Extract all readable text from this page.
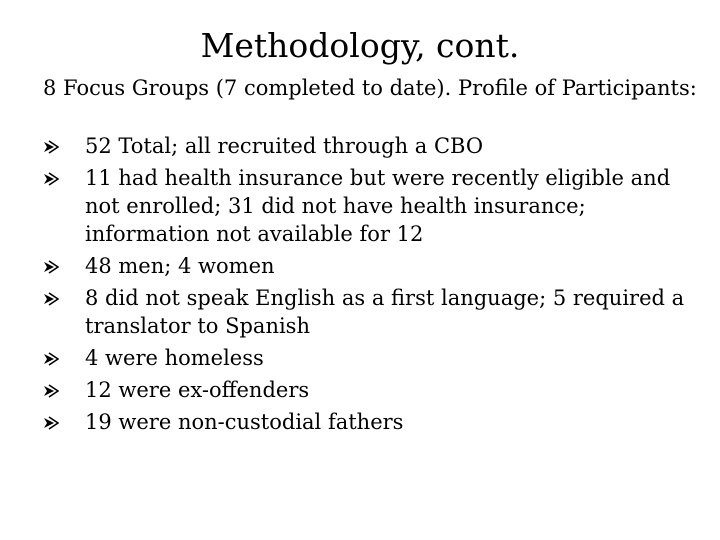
Methodology, cont.

8 Focus Groups (7 completed to date). Profile of Participants:

52 Total; all recruited through a CBO
11 had health insurance but were recently eligible and not enrolled; 31 did not have health insurance; information not available for 12
48 men; 4 women
8 did not speak English as a first language; 5 required a translator to Spanish
4 were homeless
12 were ex-offenders
19 were non-custodial fathers
